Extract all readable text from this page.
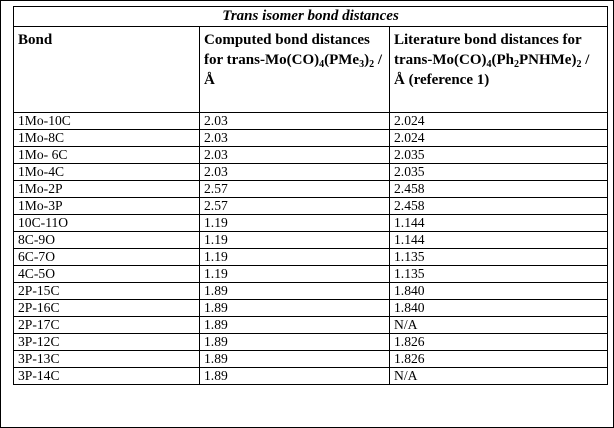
Trans isomer bond distances		
Bond	Computed bond distances for trans-$Mo(CO)_4(PMe_3)_2$ / Å	Literature bond distances for trans-$Mo(CO)_4(Ph_2PNHMe)_2$ / Å (reference 1)
1Mo-10C	2.03	2.024
1Mo-8C	2.03	2.024
1Mo- 6C	2.03	2.035
1Mo-4C	2.03	2.035
1Mo-2P	2.57	2.458
1Mo-3P	2.57	2.458
10C-11O	1.19	1.144
8C-9O	1.19	1.144
6C-7O	1.19	1.135
4C-5O	1.19	1.135
2P-15C	1.89	1.840
2P-16C	1.89	1.840
2P-17C	1.89	N/A
3P-12C	1.89	1.826
3P-13C	1.89	1.826
3P-14C	1.89	N/A
